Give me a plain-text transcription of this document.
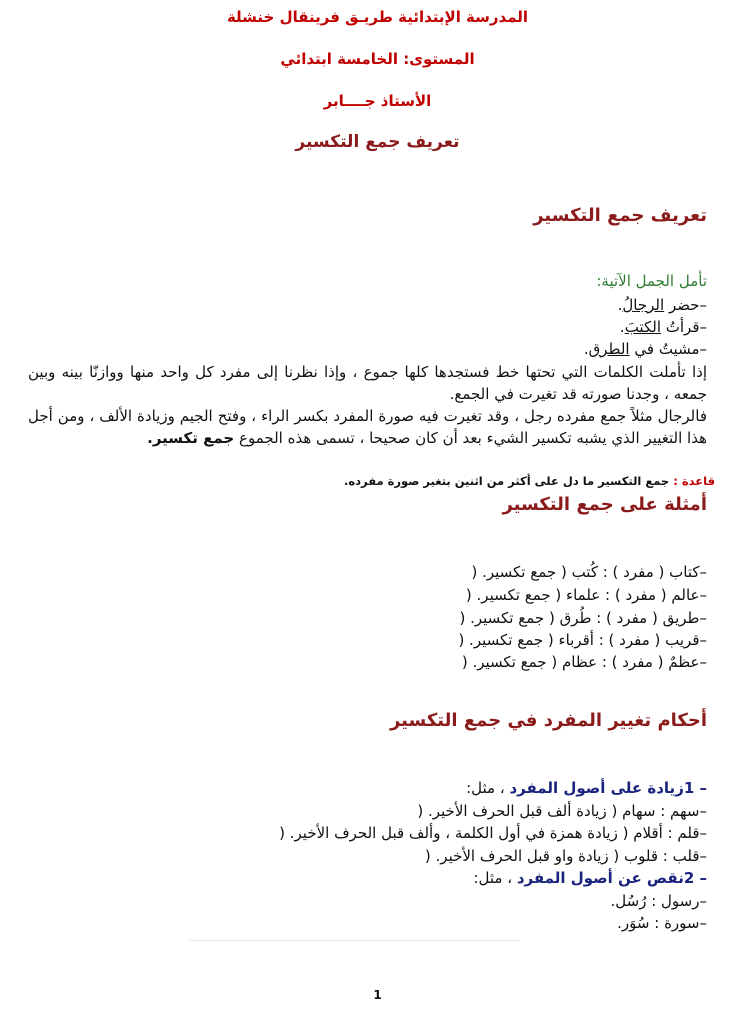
المدرسة الإبتدائية طريـق فرينقال خنشلة
المستوى: الخامسة ابتدائي
الأستاذ جــــابر
تعريف جمع التكسير
تعريف جمع التكسير
تأمل الجمل الآتية:
–حضر الرجالُ.
–قرأتُ الكتبَ.
–مشيتُ في الطرق.
إذا تأملت الكلمات التي تحتها خط فستجدها كلها جموع ، وإذا نظرنا إلى مفرد كل واحد منها ووازنّا بينه وبين جمعه ، وجدنا صورته قد تغيرت في الجمع.
فالرجال مثلاً جمع مفرده رجل ، وقد تغيرت فيه صورة المفرد بكسر الراء ، وفتح الجيم وزيادة الألف ، ومن أجل هذا التغيير الذي يشبه تكسير الشيء بعد أن كان صحيحا ، تسمى هذه الجموع جمع تكسير.
قاعدة : جمع التكسير ما دل على أكثر من اثنين بتغير صورة مفرده.
أمثلة على جمع التكسير
–كتاب ( مفرد ) : كُتب ( جمع تكسير. (
–عالم ( مفرد ) : علماء ( جمع تكسير. (
–طريق ( مفرد ) : طُرق ( جمع تكسير. (
–قريب ( مفرد ) : أقرباء ( جمع تكسير. (
–عظمٌ ( مفرد ) : عظام ( جمع تكسير. (
أحكام تغيير المفرد في جمع التكسير
– 1زيادة على أصول المفرد ، مثل:
–سهم : سهام ( زيادة ألف قبل الحرف الأخير. (
–قلم : أقلام ( زيادة همزة في أول الكلمة ، وألف قبل الحرف الأخير. (
–قلب : قلوب ( زيادة واو قبل الحرف الأخير. (
– 2نقص عن أصول المفرد ، مثل:
–رسول : رُسُل.
–سورة : سُوَر.
1
